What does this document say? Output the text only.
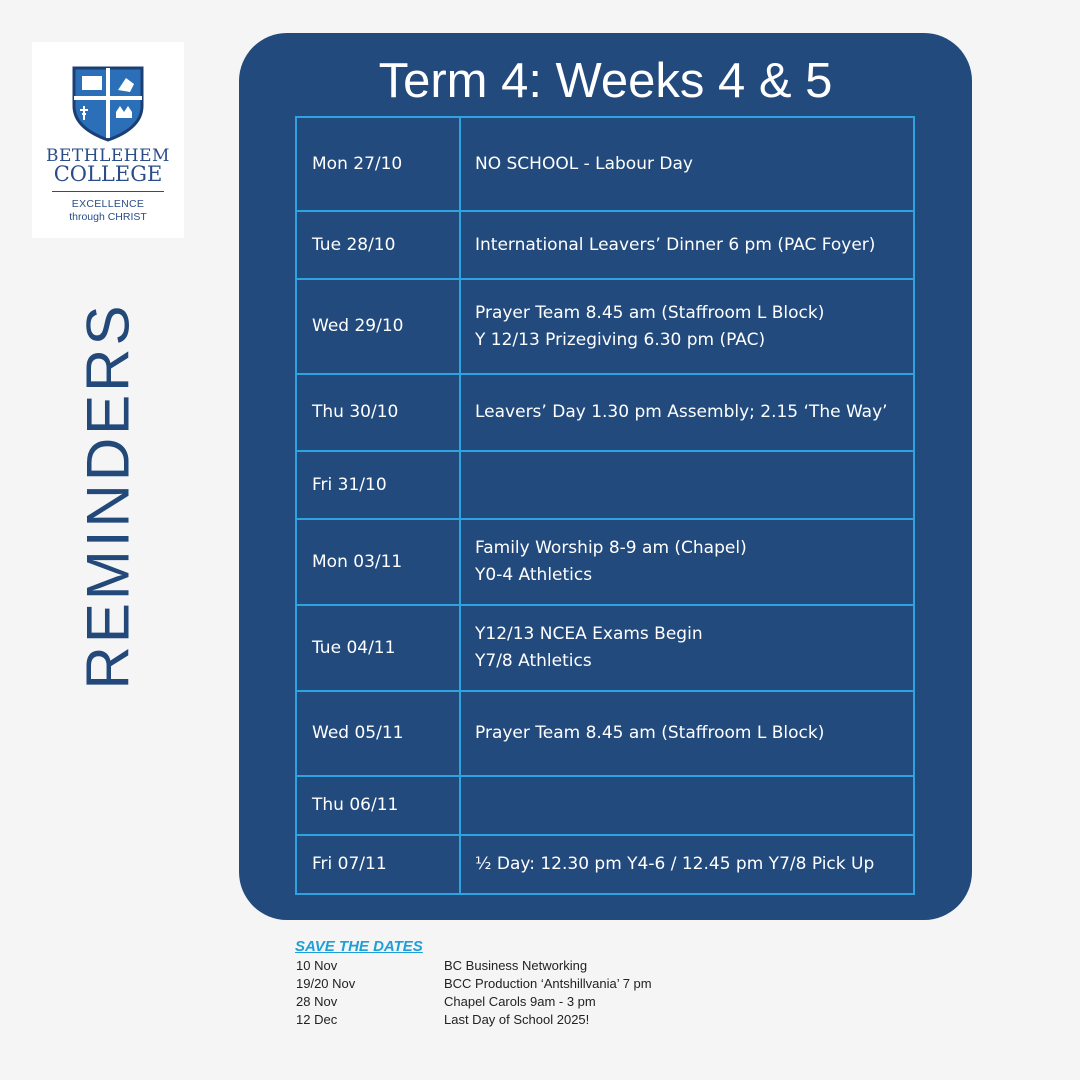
BETHLEHEM
COLLEGE
EXCELLENCE
through CHRIST
REMINDERS
Term 4: Weeks 4 & 5
Mon 27/10	NO SCHOOL - Labour Day

Tue 28/10	International Leavers’ Dinner 6 pm (PAC Foyer)

Wed 29/10	Prayer Team 8.45 am (Staffroom L Block)
Y 12/13 Prizegiving 6.30 pm (PAC)

Thu 30/10	Leavers’ Day 1.30 pm Assembly; 2.15 ‘The Way’

Fri 31/10	
Mon 03/11	Family Worship 8-9 am (Chapel)
Y0-4 Athletics

Tue 04/11	Y12/13 NCEA Exams Begin
Y7/8 Athletics

Wed 05/11	Prayer Team 8.45 am (Staffroom L Block)

Thu 06/11	
Fri 07/11	½ Day: 12.30 pm Y4-6 / 12.45 pm Y7/8 Pick Up
SAVE THE DATES
10 Nov	BC Business Networking
19/20 Nov	BCC Production ‘Antshillvania’ 7 pm
28 Nov	Chapel Carols 9am - 3 pm
12 Dec	Last Day of School 2025!
